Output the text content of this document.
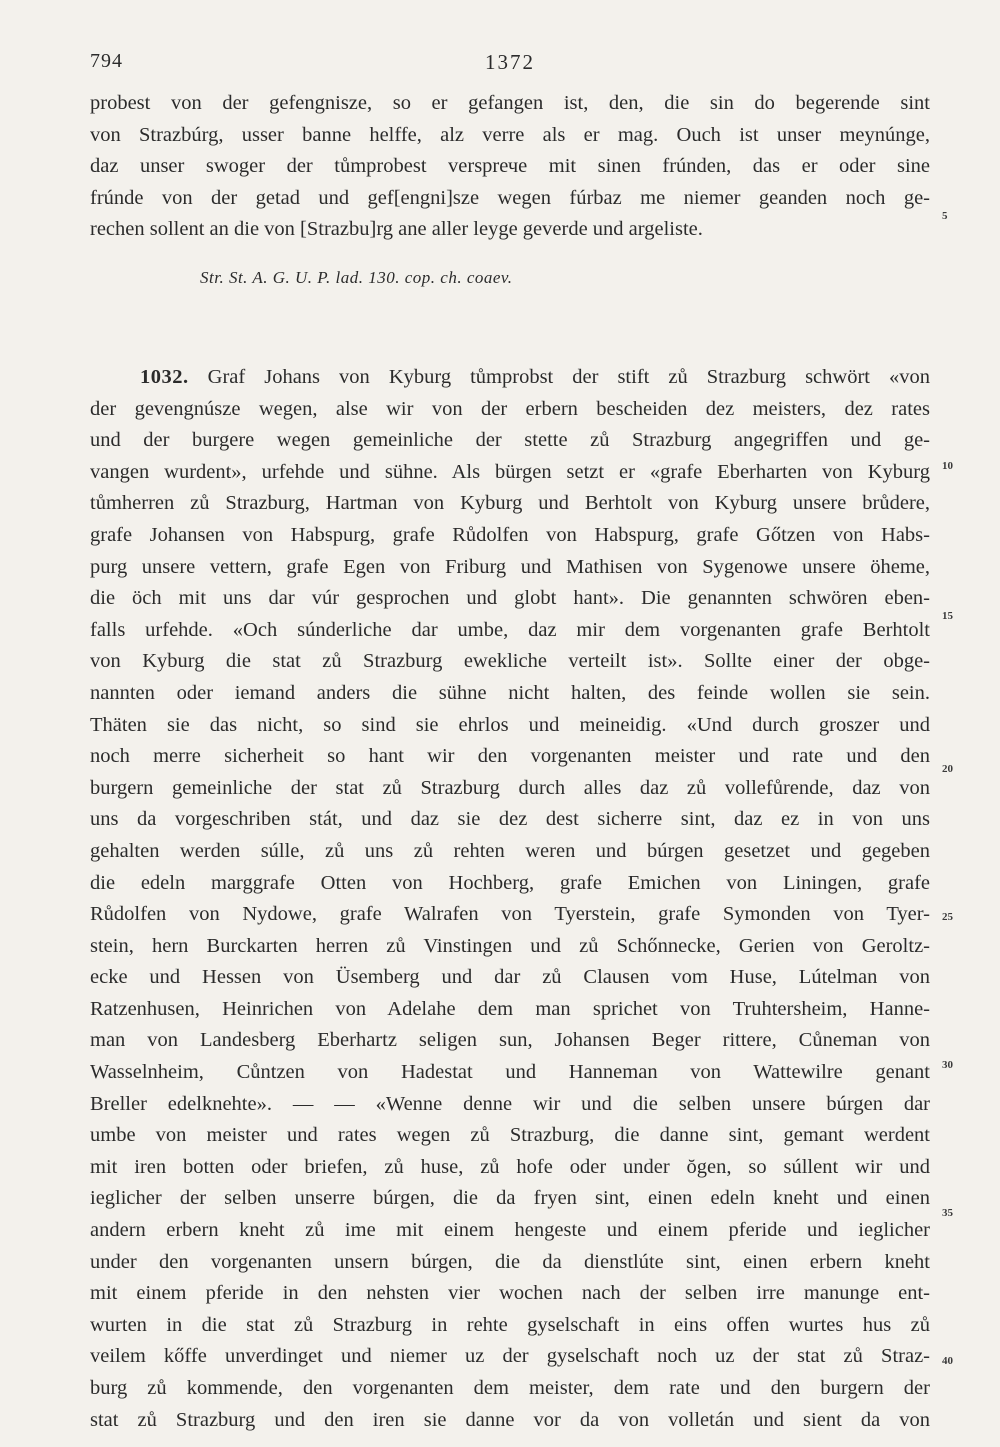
794	1372
probest von der gefengnisze, so er gefangen ist, den, die sin do begerende sint
von Strazbúrg, usser banne helffe, alz verre als er mag. Ouch ist unser meynúnge,
daz unser swoger der tůmprobest versprече mit sinen frúnden, das er oder sine
frúnde von der getad und gef[engni]sze wegen fúrbaz me niemer geanden noch ge-
rechen sollent an die von [Strazbu]rg ane aller leyge geverde und argeliste.
Str. St. A. G. U. P. lad. 130. cop. ch. coaev.
1032. Graf Johans von Kyburg tůmprobst der stift zů Strazburg schwört «von
der gevengnúsze wegen, alse wir von der erbern bescheiden dez meisters, dez rates
und der burgere wegen gemeinliche der stette zů Strazburg angegriffen und ge-
vangen wurdent», urfehde und sühne. Als bürgen setzt er «grafe Eberharten von Kyburg
tůmherren zů Strazburg, Hartman von Kyburg und Berhtolt von Kyburg unsere brůdere,
grafe Johansen von Habspurg, grafe Růdolfen von Habspurg, grafe Gőtzen von Habs-
purg unsere vettern, grafe Egen von Friburg und Mathisen von Sygenowe unsere öheme,
die öch mit uns dar vúr gesprochen und globt hant». Die genannten schwören eben-
falls urfehde. «Och súnderliche dar umbe, daz mir dem vorgenanten grafe Berhtolt
von Kyburg die stat zů Strazburg ewekliche verteilt ist». Sollte einer der obge-
nannten oder iemand anders die sühne nicht halten, des feinde wollen sie sein.
Thäten sie das nicht, so sind sie ehrlos und meineidig. «Und durch groszer und
noch merre sicherheit so hant wir den vorgenanten meister und rate und den
burgern gemeinliche der stat zů Strazburg durch alles daz zů vollefůrende, daz von
uns da vorgeschriben stát, und daz sie dez dest sicherre sint, daz ez in von uns
gehalten werden súlle, zů uns zů rehten weren und búrgen gesetzet und gegeben
die edeln marggrafe Otten von Hochberg, grafe Emichen von Liningen, grafe
Růdolfen von Nydowe, grafe Walrafen von Tyerstein, grafe Symonden von Tyer-
stein, hern Burckarten herren zů Vinstingen und zů Schőnnecke, Gerien von Geroltz-
ecke und Hessen von Üsemberg und dar zů Clausen vom Huse, Lútelman von
Ratzenhusen, Heinrichen von Adelahe dem man sprichet von Truhtersheim, Hanne-
man von Landesberg Eberhartz seligen sun, Johansen Beger rittere, Cůneman von
Wasselnheim, Cůntzen von Hadestat und Hanneman von Wattewilre genant
Breller edelknehte». — — «Wenne denne wir und die selben unsere búrgen dar
umbe von meister und rates wegen zů Strazburg, die danne sint, gemant werdent
mit iren botten oder briefen, zů huse, zů hofe oder under ŏgen, so súllent wir und
ieglicher der selben unserre búrgen, die da fryen sint, einen edeln kneht und einen
andern erbern kneht zů ime mit einem hengeste und einem pferide und ieglicher
under den vorgenanten unsern búrgen, die da dienstlúte sint, einen erbern kneht
mit einem pferide in den nehsten vier wochen nach der selben irre manunge ent-
wurten in die stat zů Strazburg in rehte gyselschaft in eins offen wurtes hus zů
veilem kőffe unverdinget und niemer uz der gyselschaft noch uz der stat zů Straz-
burg zů kommende, den vorgenanten dem meister, dem rate und den burgern der
stat zů Strazburg und den iren sie danne vor da von volletán und sient da von
5
10
15
20
25
30
35
40
